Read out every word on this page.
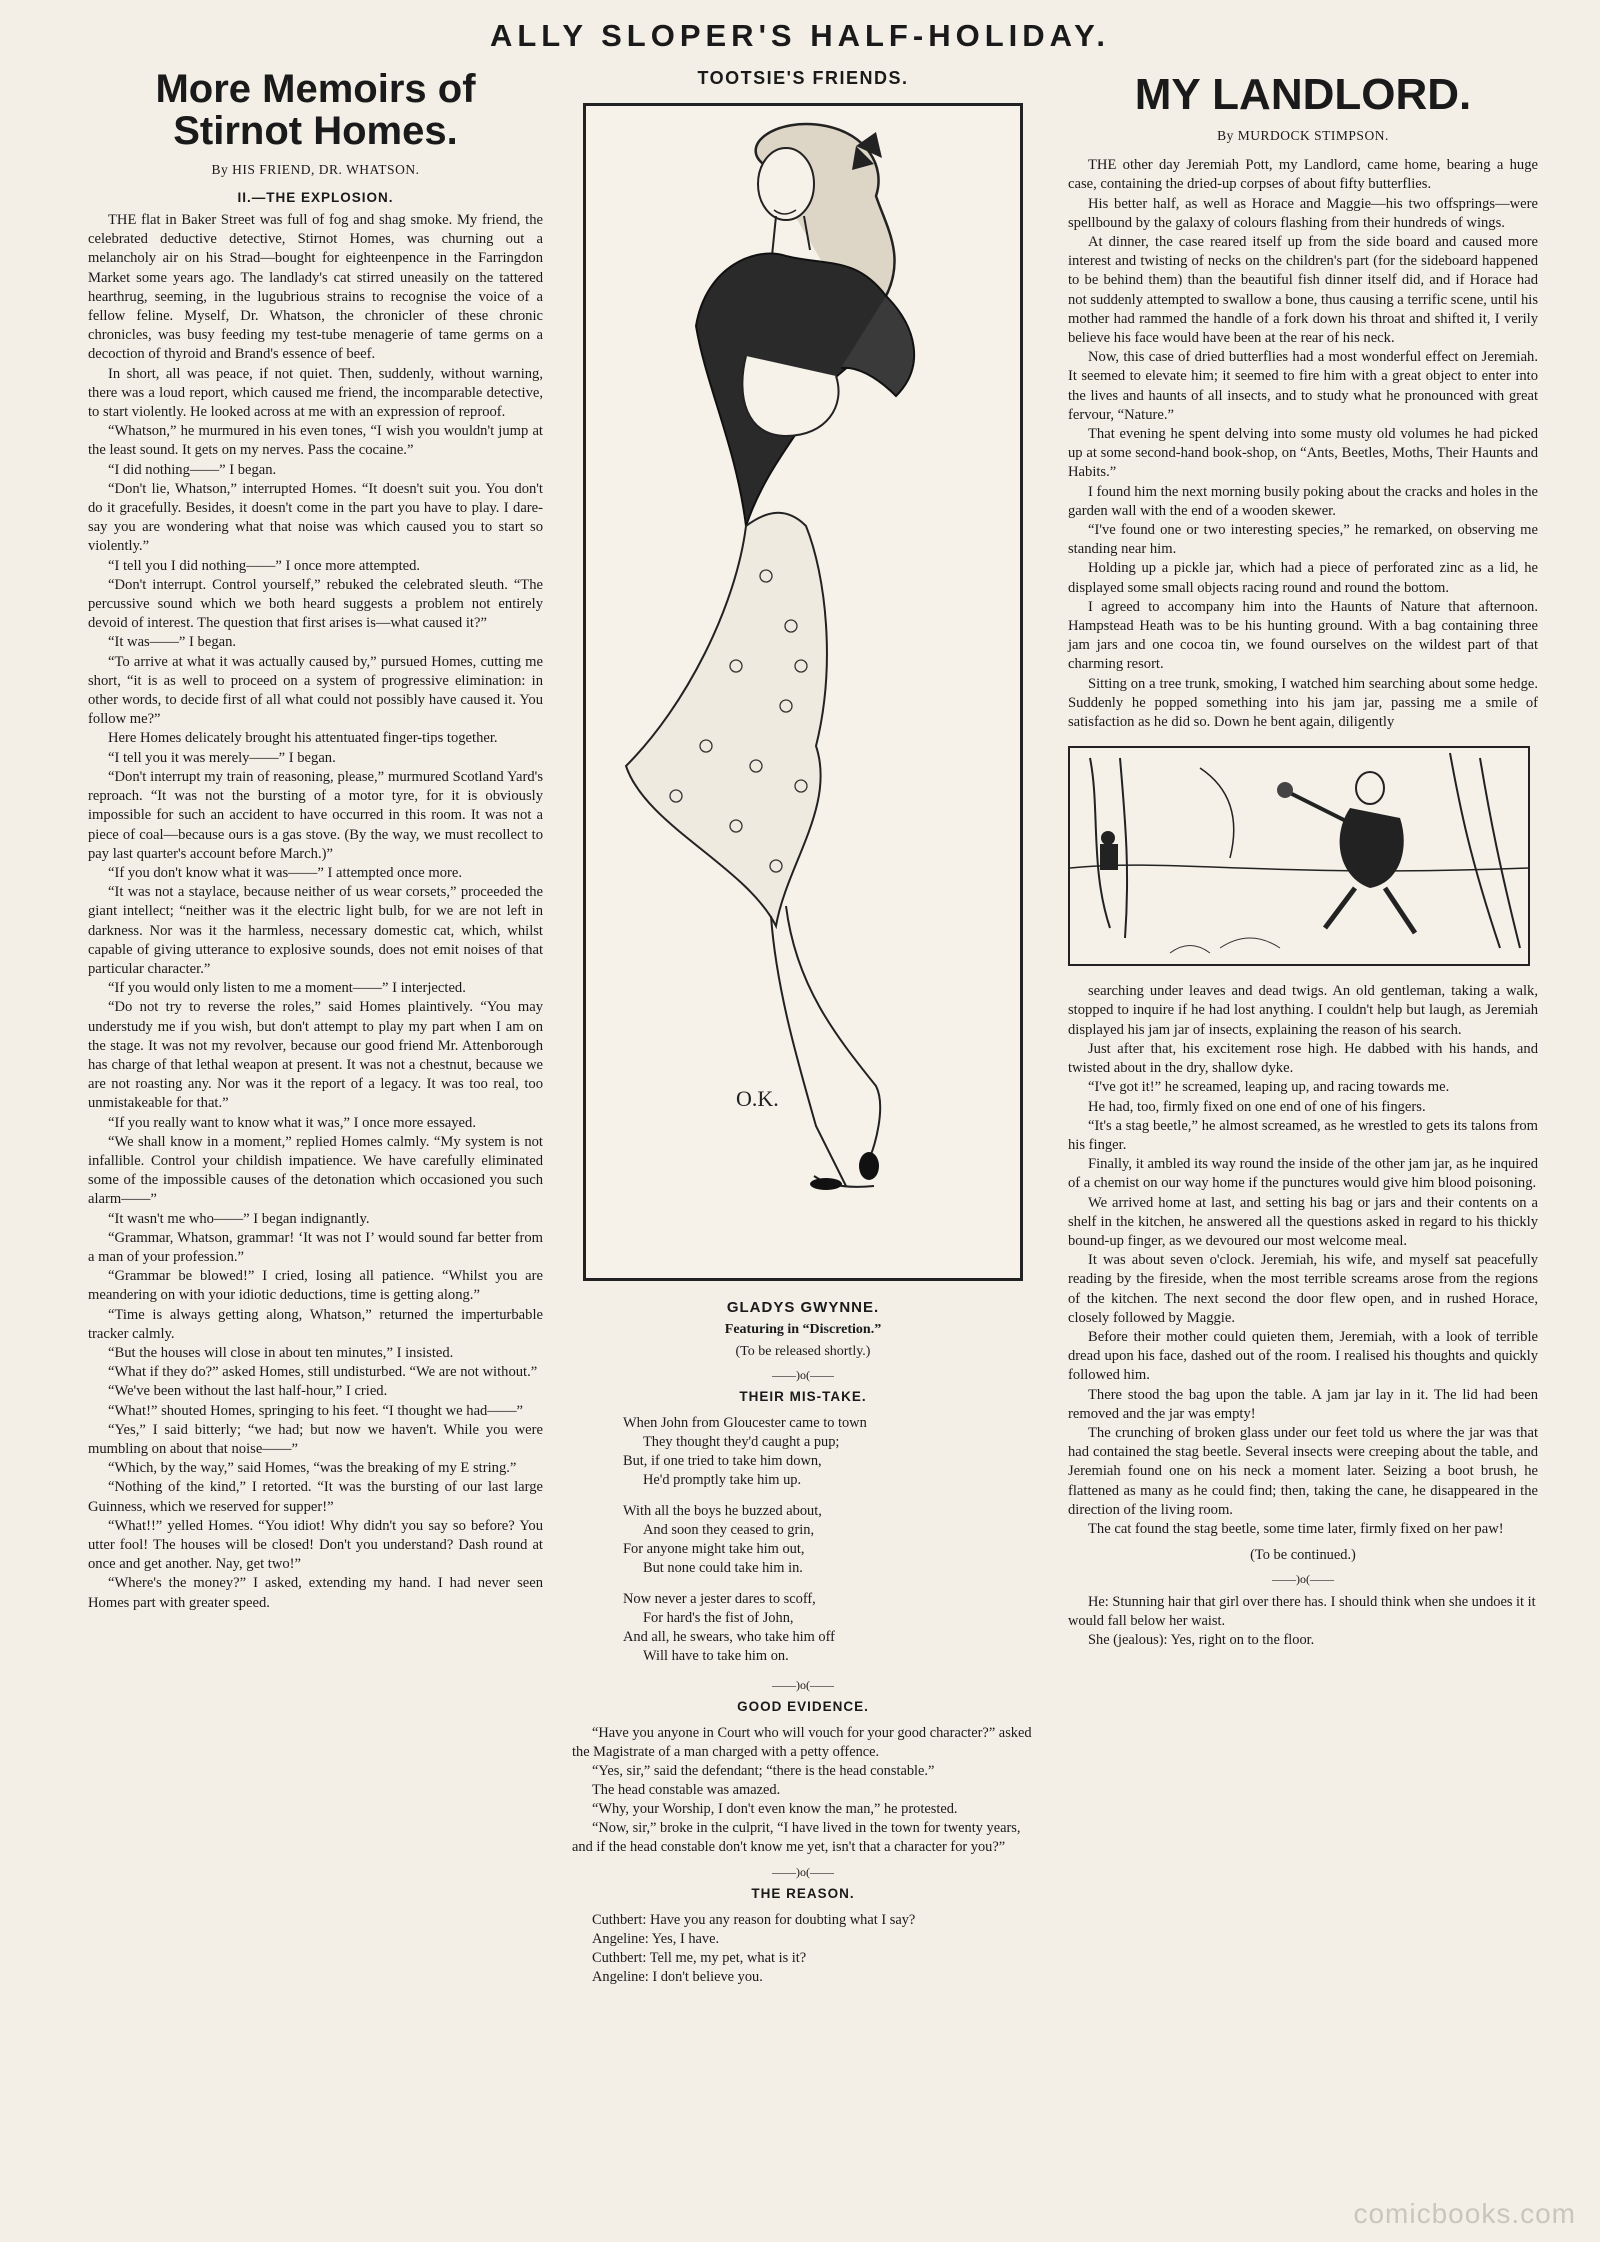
ALLY SLOPER'S HALF-HOLIDAY.
More Memoirs of
Stirnot Homes.
By HIS FRIEND, DR. WHATSON.
II.—THE EXPLOSION.

THE flat in Baker Street was full of fog and shag smoke. My friend, the celebrated deductive detective, Stirnot Homes, was churning out a melancholy air on his Strad—bought for eighteenpence in the Farringdon Market some years ago. The landlady's cat stirred uneasily on the tattered hearthrug, seeming, in the lugubrious strains to recognise the voice of a fellow feline. Myself, Dr. Whatson, the chronicler of these chronic chronicles, was busy feeding my test-tube menagerie of tame germs on a decoction of thyroid and Brand's essence of beef.

In short, all was peace, if not quiet. Then, suddenly, without warning, there was a loud report, which caused me friend, the incomparable detective, to start violently. He looked across at me with an expression of reproof.

“Whatson,” he murmured in his even tones, “I wish you wouldn't jump at the least sound. It gets on my nerves. Pass the cocaine.”

“I did nothing——” I began.

“Don't lie, Whatson,” interrupted Homes. “It doesn't suit you. You don't do it gracefully. Besides, it doesn't come in the part you have to play. I dare-say you are wondering what that noise was which caused you to start so violently.”

“I tell you I did nothing——” I once more attempted.

“Don't interrupt. Control yourself,” rebuked the celebrated sleuth. “The percussive sound which we both heard suggests a problem not entirely devoid of interest. The question that first arises is—what caused it?”

“It was——” I began.

“To arrive at what it was actually caused by,” pursued Homes, cutting me short, “it is as well to proceed on a system of progressive elimination: in other words, to decide first of all what could not possibly have caused it. You follow me?”

Here Homes delicately brought his attentuated finger-tips together.

“I tell you it was merely——” I began.

“Don't interrupt my train of reasoning, please,” murmured Scotland Yard's reproach. “It was not the bursting of a motor tyre, for it is obviously impossible for such an accident to have occurred in this room. It was not a piece of coal—because ours is a gas stove. (By the way, we must recollect to pay last quarter's account before March.)”

“If you don't know what it was——” I attempted once more.

“It was not a staylace, because neither of us wear corsets,” proceeded the giant intellect; “neither was it the electric light bulb, for we are not left in darkness. Nor was it the harmless, necessary domestic cat, which, whilst capable of giving utterance to explosive sounds, does not emit noises of that particular character.”

“If you would only listen to me a moment——” I interjected.

“Do not try to reverse the roles,” said Homes plaintively. “You may understudy me if you wish, but don't attempt to play my part when I am on the stage. It was not my revolver, because our good friend Mr. Attenborough has charge of that lethal weapon at present. It was not a chestnut, because we are not roasting any. Nor was it the report of a legacy. It was too real, too unmistakeable for that.”

“If you really want to know what it was,” I once more essayed.

“We shall know in a moment,” replied Homes calmly. “My system is not infallible. Control your childish impatience. We have carefully eliminated some of the impossible causes of the detonation which occasioned you such alarm——”

“It wasn't me who——” I began indignantly.

“Grammar, Whatson, grammar! ‘It was not I’ would sound far better from a man of your profession.”

“Grammar be blowed!” I cried, losing all patience. “Whilst you are meandering on with your idiotic deductions, time is getting along.”

“Time is always getting along, Whatson,” returned the imperturbable tracker calmly.

“But the houses will close in about ten minutes,” I insisted.

“What if they do?” asked Homes, still undisturbed. “We are not without.”

“We've been without the last half-hour,” I cried.

“What!” shouted Homes, springing to his feet. “I thought we had——”

“Yes,” I said bitterly; “we had; but now we haven't. While you were mumbling on about that noise——”

“Which, by the way,” said Homes, “was the breaking of my E string.”

“Nothing of the kind,” I retorted. “It was the bursting of our last large Guinness, which we reserved for supper!”

“What!!” yelled Homes. “You idiot! Why didn't you say so before? You utter fool! The houses will be closed! Don't you understand? Dash round at once and get another. Nay, get two!”

“Where's the money?” I asked, extending my hand. I had never seen Homes part with greater speed.

TOOTSIE'S FRIENDS.
O.K.
GLADYS GWYNNE.
Featuring in “Discretion.”
(To be released shortly.)
——)o(——
THEIR MIS-TAKE.
When John from Gloucester came to town
They thought they'd caught a pup;
But, if one tried to take him down,
He'd promptly take him up.
With all the boys he buzzed about,
And soon they ceased to grin,
For anyone might take him out,
But none could take him in.
Now never a jester dares to scoff,
For hard's the fist of John,
And all, he swears, who take him off
Will have to take him on.
——)o(——
GOOD EVIDENCE.

“Have you anyone in Court who will vouch for your good character?” asked the Magistrate of a man charged with a petty offence.

“Yes, sir,” said the defendant; “there is the head constable.”

The head constable was amazed.

“Why, your Worship, I don't even know the man,” he protested.

“Now, sir,” broke in the culprit, “I have lived in the town for twenty years, and if the head constable don't know me yet, isn't that a character for you?”

——)o(——
THE REASON.

Cuthbert: Have you any reason for doubting what I say?

Angeline: Yes, I have.

Cuthbert: Tell me, my pet, what is it?

Angeline: I don't believe you.

MY LANDLORD.
By MURDOCK STIMPSON.

THE other day Jeremiah Pott, my Landlord, came home, bearing a huge case, containing the dried-up corpses of about fifty butterflies.

His better half, as well as Horace and Maggie—his two offsprings—were spellbound by the galaxy of colours flashing from their hundreds of wings.

At dinner, the case reared itself up from the side board and caused more interest and twisting of necks on the children's part (for the sideboard happened to be behind them) than the beautiful fish dinner itself did, and if Horace had not suddenly attempted to swallow a bone, thus causing a terrific scene, until his mother had rammed the handle of a fork down his throat and shifted it, I verily believe his face would have been at the rear of his neck.

Now, this case of dried butterflies had a most wonderful effect on Jeremiah. It seemed to elevate him; it seemed to fire him with a great object to enter into the lives and haunts of all insects, and to study what he pronounced with great fervour, “Nature.”

That evening he spent delving into some musty old volumes he had picked up at some second-hand book-shop, on “Ants, Beetles, Moths, Their Haunts and Habits.”

I found him the next morning busily poking about the cracks and holes in the garden wall with the end of a wooden skewer.

“I've found one or two interesting species,” he remarked, on observing me standing near him.

Holding up a pickle jar, which had a piece of perforated zinc as a lid, he displayed some small objects racing round and round the bottom.

I agreed to accompany him into the Haunts of Nature that afternoon. Hampstead Heath was to be his hunting ground. With a bag containing three jam jars and one cocoa tin, we found ourselves on the wildest part of that charming resort.

Sitting on a tree trunk, smoking, I watched him searching about some hedge. Suddenly he popped something into his jam jar, passing me a smile of satisfaction as he did so. Down he bent again, diligently

searching under leaves and dead twigs. An old gentleman, taking a walk, stopped to inquire if he had lost anything. I couldn't help but laugh, as Jeremiah displayed his jam jar of insects, explaining the reason of his search.

Just after that, his excitement rose high. He dabbed with his hands, and twisted about in the dry, shallow dyke.

“I've got it!” he screamed, leaping up, and racing towards me.

He had, too, firmly fixed on one end of one of his fingers.

“It's a stag beetle,” he almost screamed, as he wrestled to gets its talons from his finger.

Finally, it ambled its way round the inside of the other jam jar, as he inquired of a chemist on our way home if the punctures would give him blood poisoning.

We arrived home at last, and setting his bag or jars and their contents on a shelf in the kitchen, he answered all the questions asked in regard to his thickly bound-up finger, as we devoured our most welcome meal.

It was about seven o'clock. Jeremiah, his wife, and myself sat peacefully reading by the fireside, when the most terrible screams arose from the regions of the kitchen. The next second the door flew open, and in rushed Horace, closely followed by Maggie.

Before their mother could quieten them, Jeremiah, with a look of terrible dread upon his face, dashed out of the room. I realised his thoughts and quickly followed him.

There stood the bag upon the table. A jam jar lay in it. The lid had been removed and the jar was empty!

The crunching of broken glass under our feet told us where the jar was that had contained the stag beetle. Several insects were creeping about the table, and Jeremiah found one on his neck a moment later. Seizing a boot brush, he flattened as many as he could find; then, taking the cane, he disappeared in the direction of the living room.

The cat found the stag beetle, some time later, firmly fixed on her paw!

(To be continued.)
——)o(——

He: Stunning hair that girl over there has. I should think when she undoes it it would fall below her waist.

She (jealous): Yes, right on to the floor.

comicbooks.com
